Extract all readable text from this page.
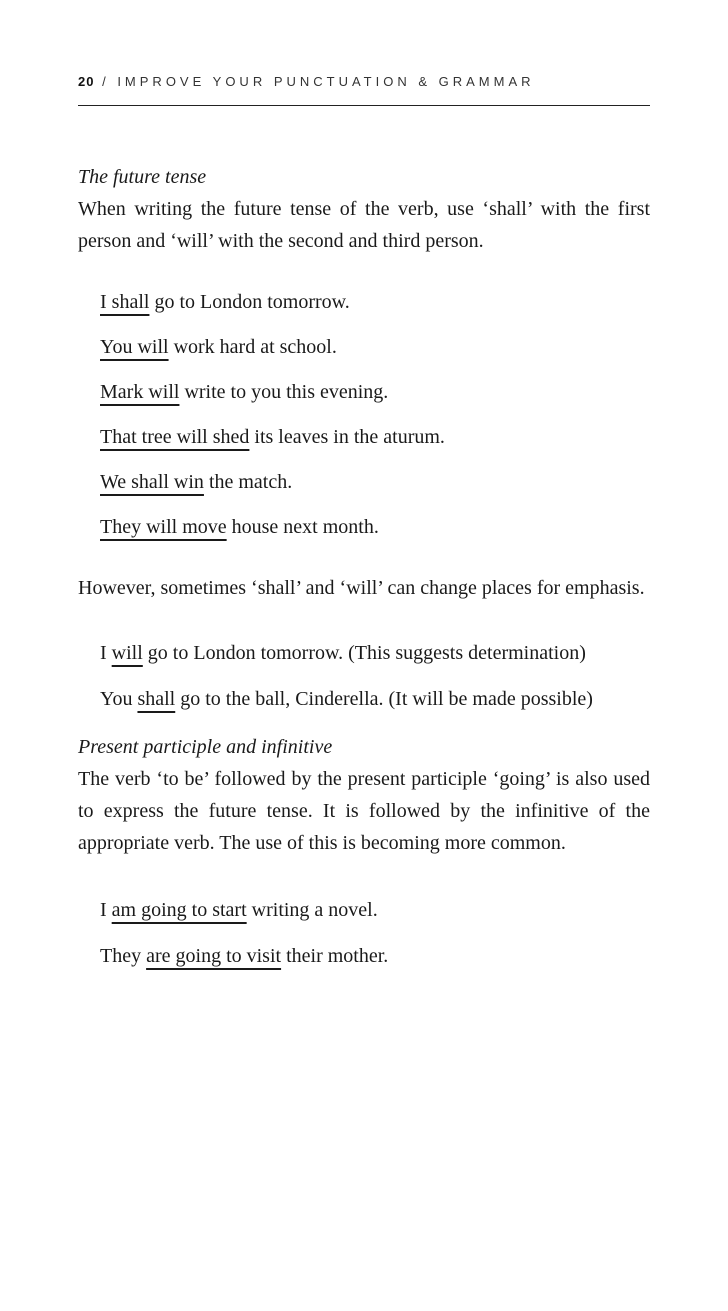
20 / IMPROVE YOUR PUNCTUATION & GRAMMAR

The future tense

When writing the future tense of the verb, use ‘shall’ with the first person and ‘will’ with the second and third person.

I shall go to London tomorrow.
You will work hard at school.
Mark will write to you this evening.
That tree will shed its leaves in the aturum.
We shall win the match.
They will move house next month.

However, sometimes ‘shall’ and ‘will’ can change places for emphasis.

I will go to London tomorrow. (This suggests determination)
You shall go to the ball, Cinderella. (It will be made possible)

Present participle and infinitive

The verb ‘to be’ followed by the present participle ‘going’ is also used to express the future tense. It is followed by the infinitive of the appropriate verb. The use of this is becoming more common.

I am going to start writing a novel.
They are going to visit their mother.
